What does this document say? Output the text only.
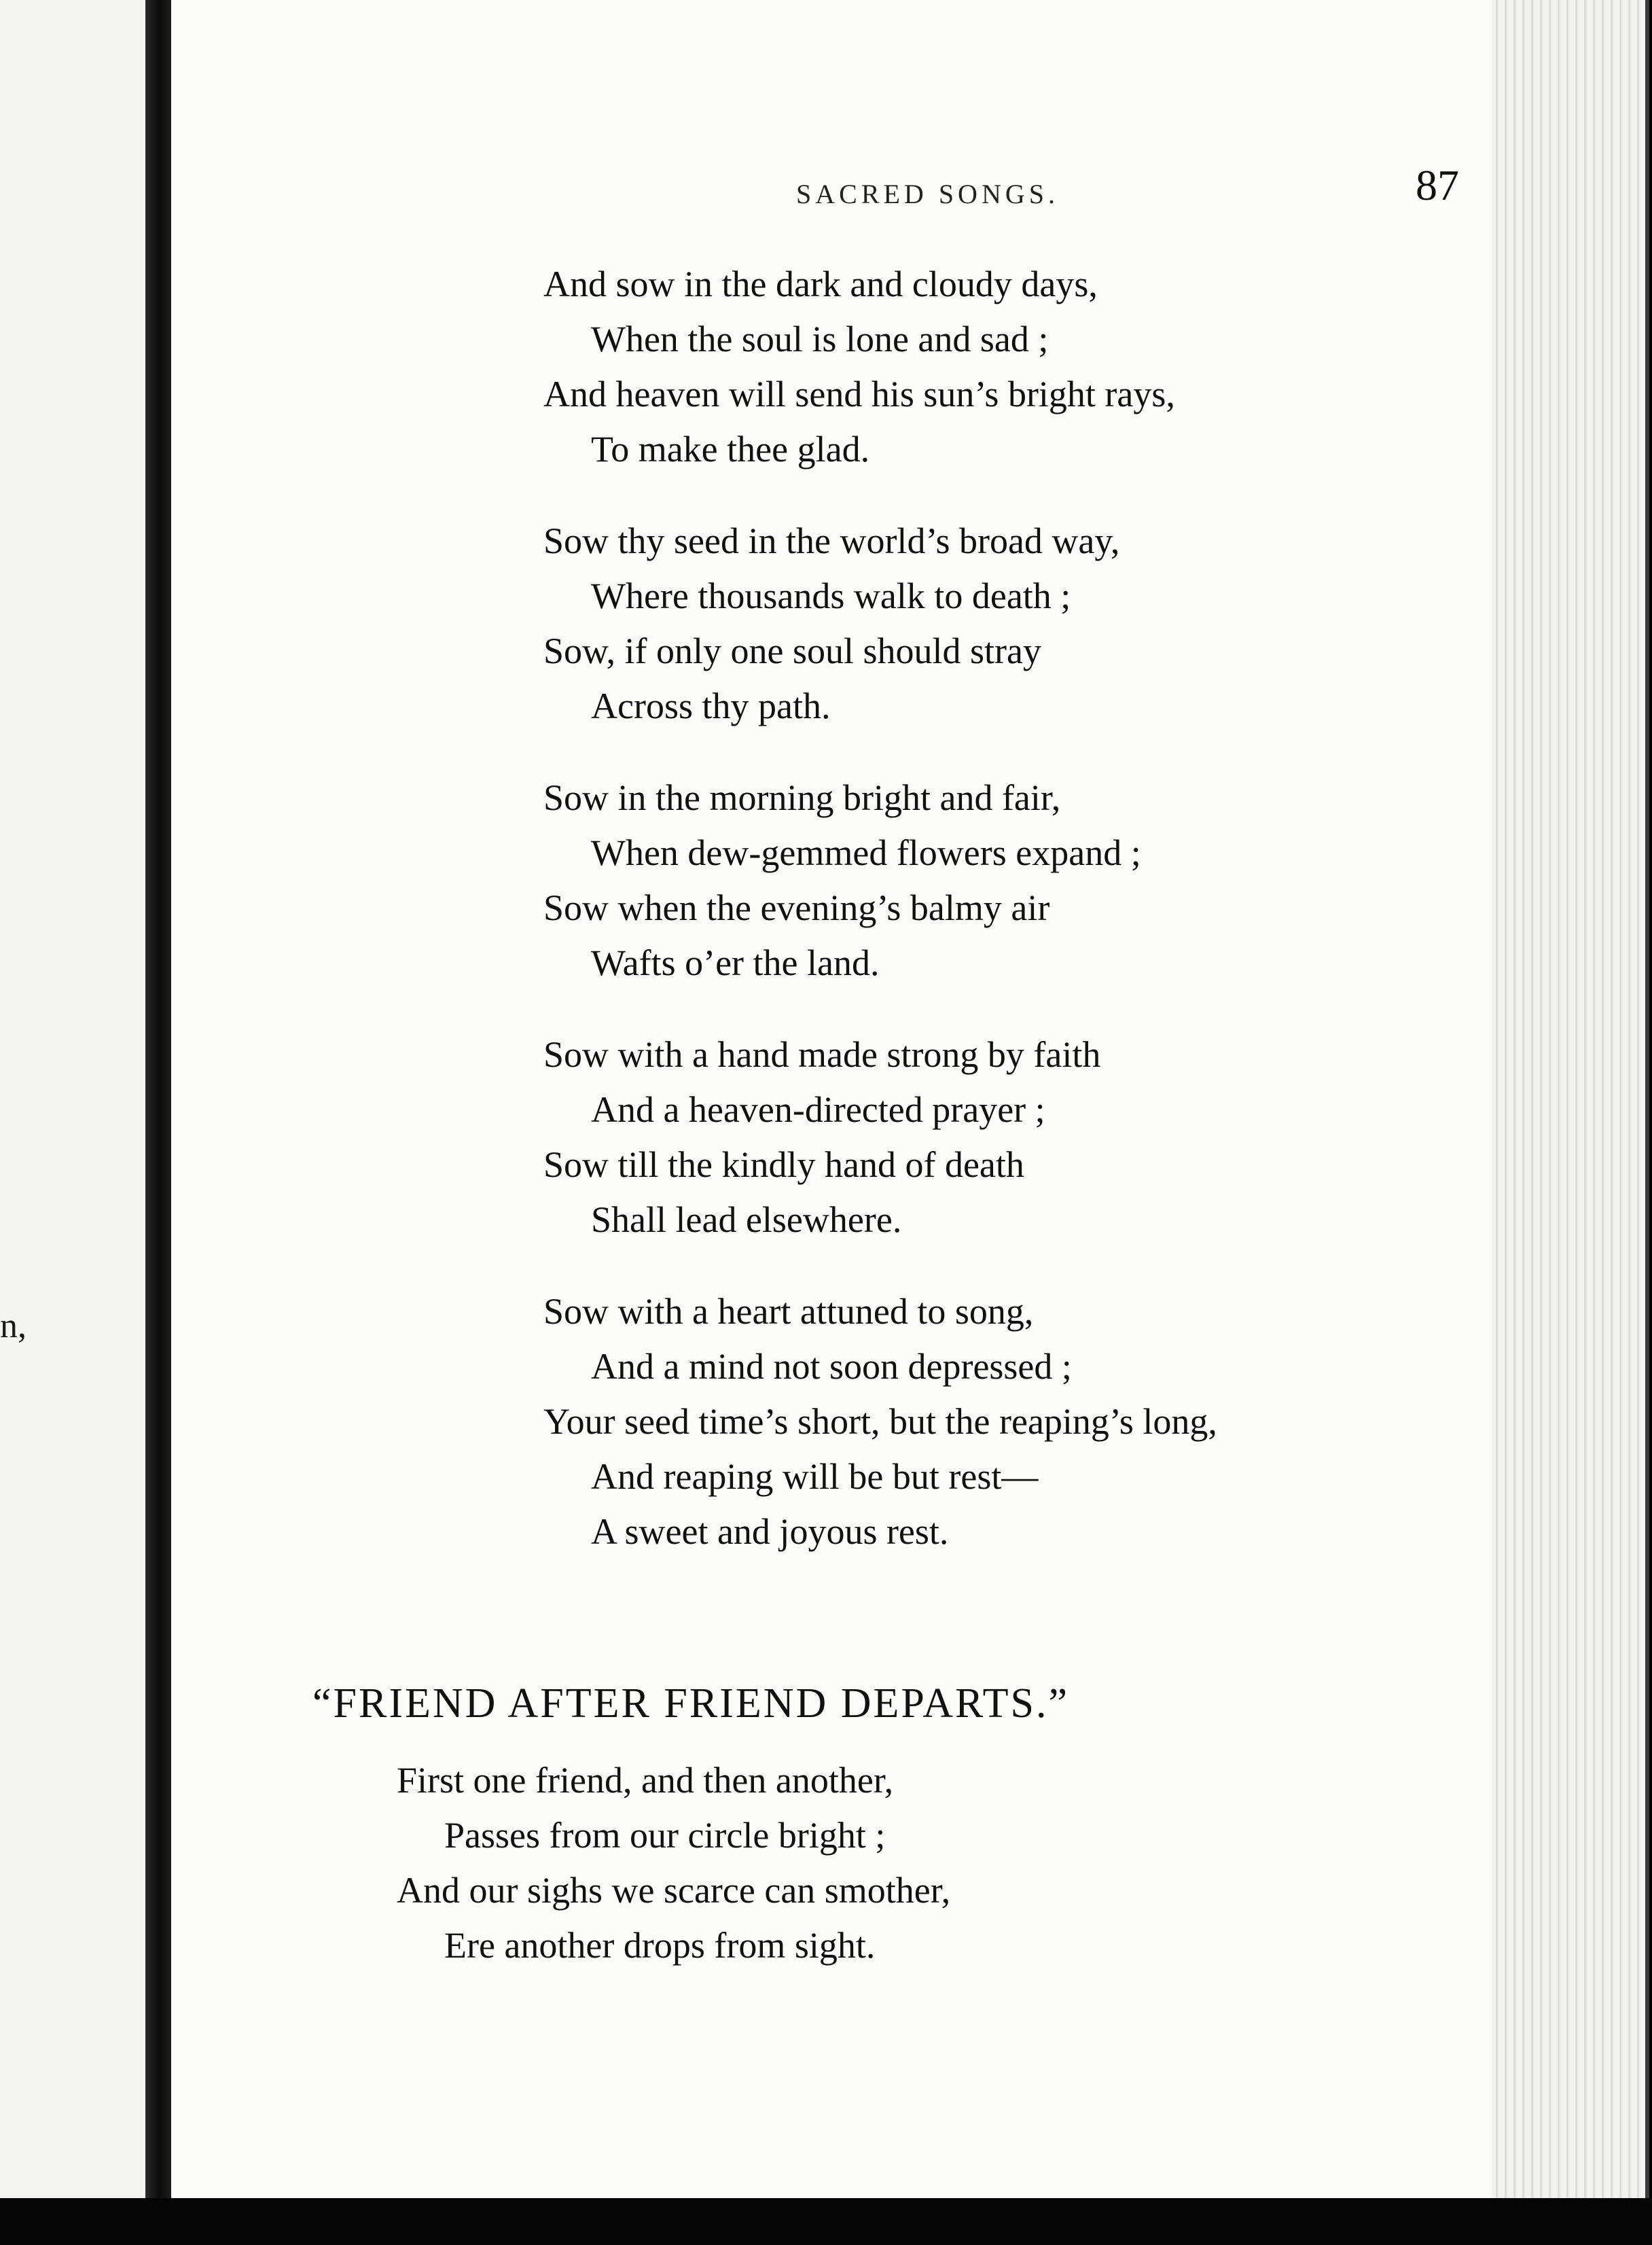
n,
SACRED SONGS.	87
And sow in the dark and cloudy days,
When the soul is lone and sad ;
And heaven will send his sun’s bright rays,
To make thee glad.
Sow thy seed in the world’s broad way,
Where thousands walk to death ;
Sow, if only one soul should stray
Across thy path.
Sow in the morning bright and fair,
When dew-gemmed flowers expand ;
Sow when the evening’s balmy air
Wafts o’er the land.
Sow with a hand made strong by faith
And a heaven-directed prayer ;
Sow till the kindly hand of death
Shall lead elsewhere.
Sow with a heart attuned to song,
And a mind not soon depressed ;
Your seed time’s short, but the reaping’s long,
And reaping will be but rest—
A sweet and joyous rest.
“FRIEND AFTER FRIEND DEPARTS.”
First one friend, and then another,
Passes from our circle bright ;
And our sighs we scarce can smother,
Ere another drops from sight.
